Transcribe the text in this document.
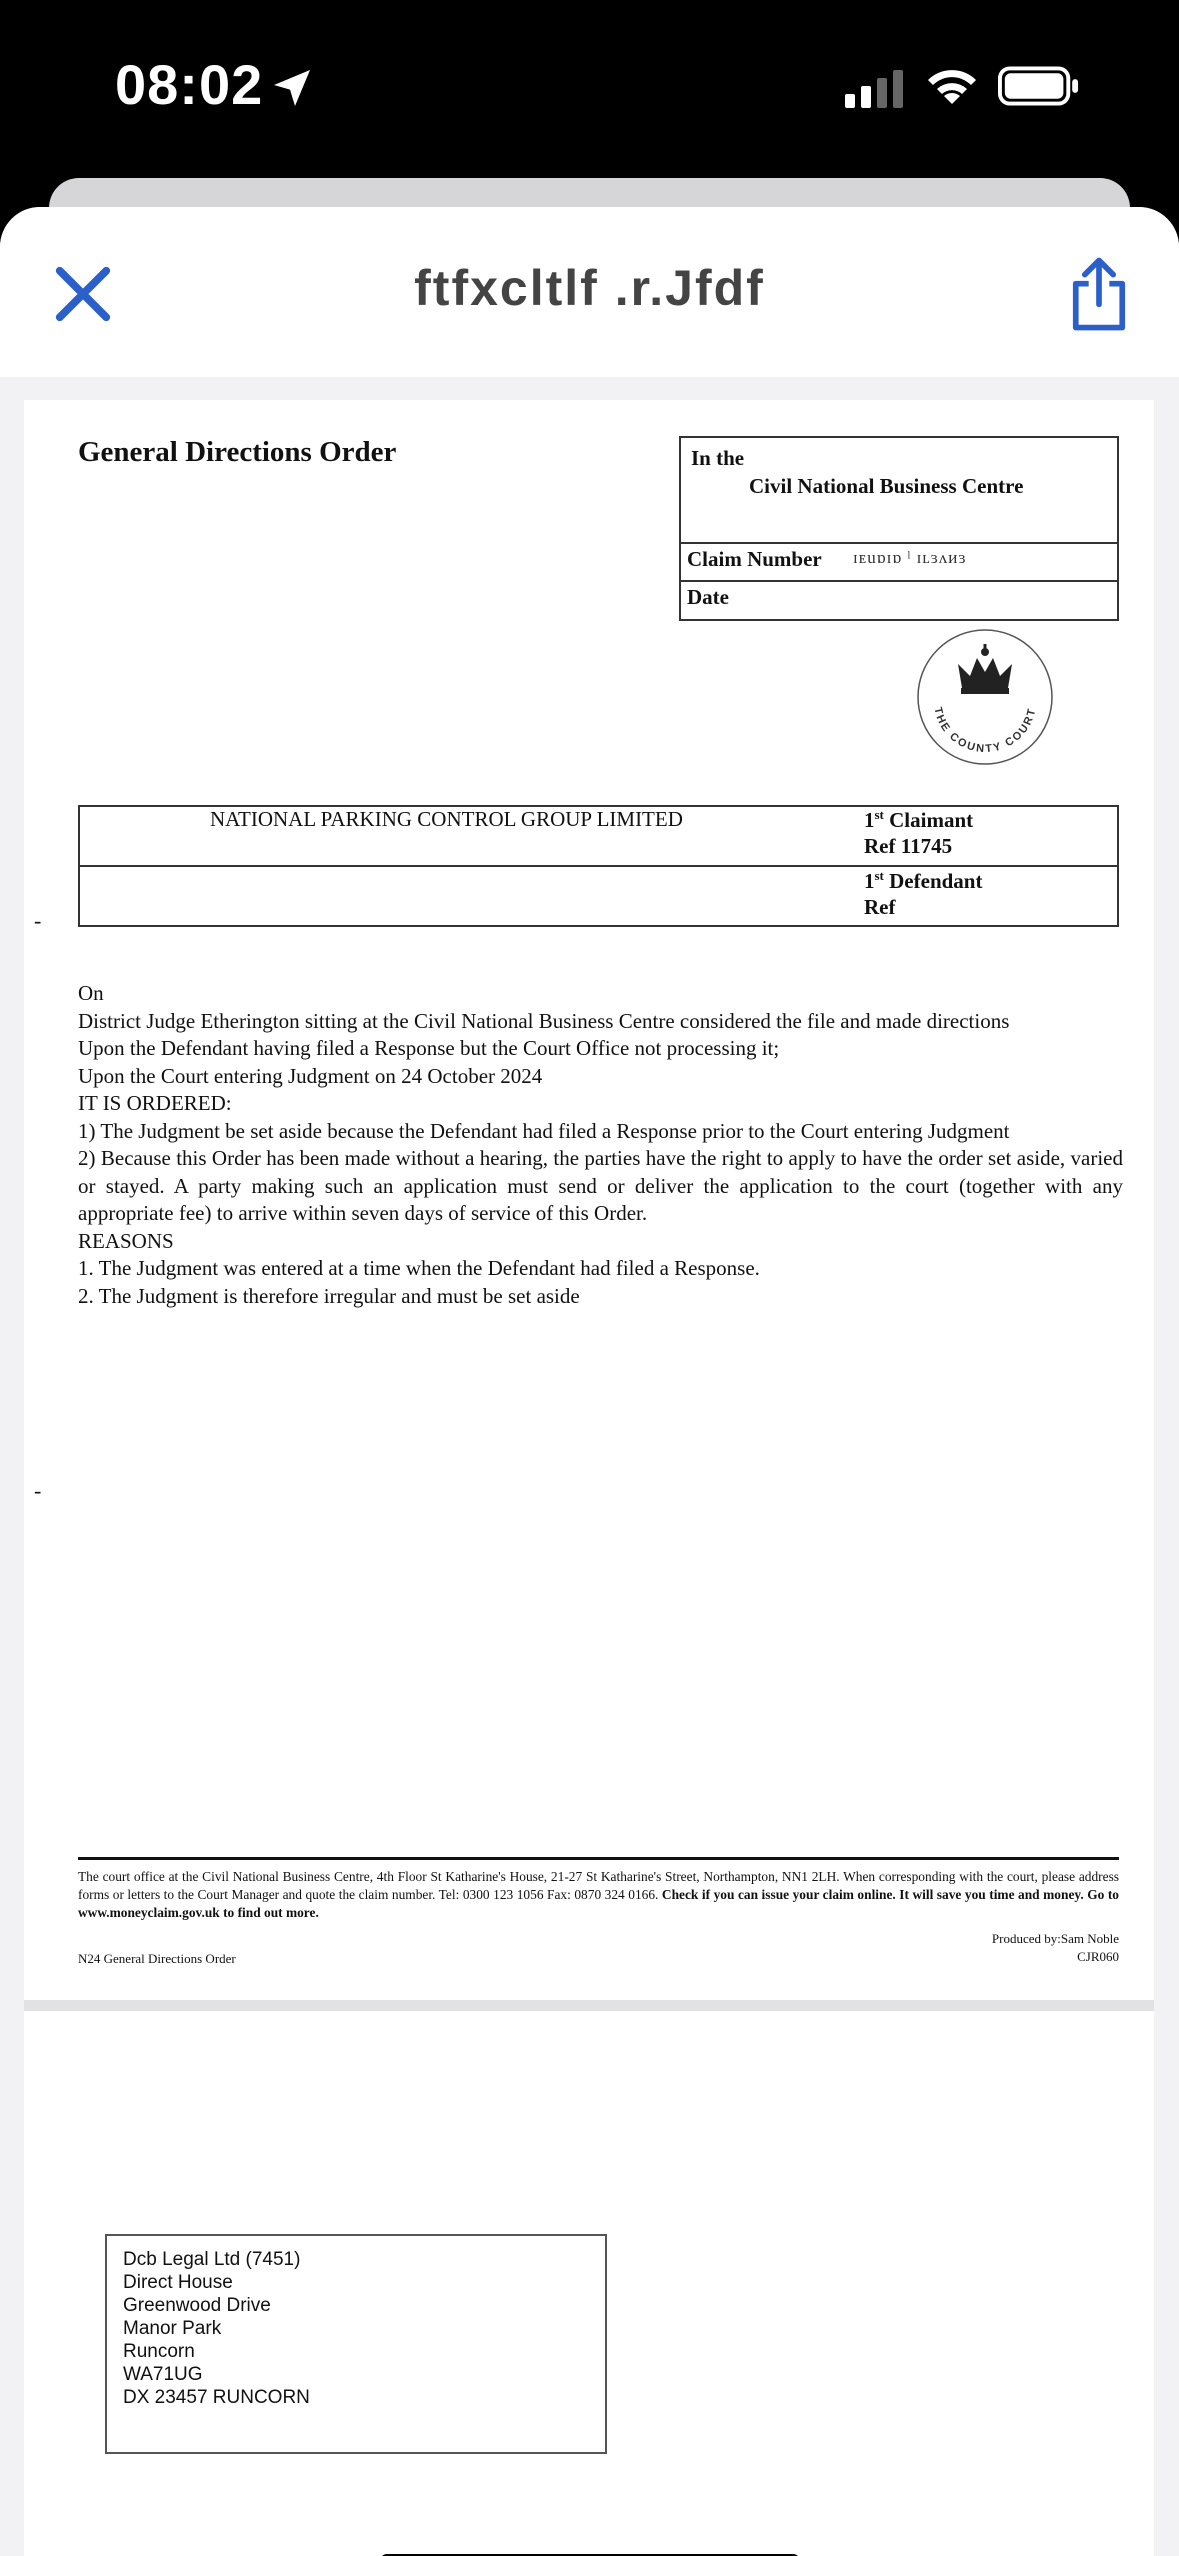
08:02
ftfxcltlf .r.Jfdf
General Directions Order	In the
Civil National Business Centre
Claim Number ɪᴇuɒɪɒ ˡ ɪʟɜʌᴎɜ
Date
THE COUNTY COURT
NATIONAL PARKING CONTROL GROUP LIMITED	1st Claimant
Ref 11745
1st Defendant
Ref
-
-

On

District Judge Etherington sitting at the Civil National Business Centre considered the file and made directions

Upon the Defendant having filed a Response but the Court Office not processing it;

Upon the Court entering Judgment on 24 October 2024

IT IS ORDERED:

1) The Judgment be set aside because the Defendant had filed a Response prior to the Court entering Judgment

2) Because this Order has been made without a hearing, the parties have the right to apply to have the order set aside, varied or stayed. A party making such an application must send or deliver the application to the court (together with any appropriate fee) to arrive within seven days of service of this Order.

REASONS

1. The Judgment was entered at a time when the Defendant had filed a Response.

2. The Judgment is therefore irregular and must be set aside

The court office at the Civil National Business Centre, 4th Floor St Katharine's House, 21-27 St Katharine's Street, Northampton, NN1 2LH. When corresponding with the court, please address forms or letters to the Court Manager and quote the claim number. Tel: 0300 123 1056 Fax: 0870 324 0166. Check if you can issue your claim online. It will save you time and money. Go to www.moneyclaim.gov.uk to find out more.
Produced by:Sam Noble
CJR060
N24 General Directions Order
Dcb Legal Ltd (7451)
Direct House
Greenwood Drive
Manor Park
Runcorn
WA71UG
DX 23457 RUNCORN
